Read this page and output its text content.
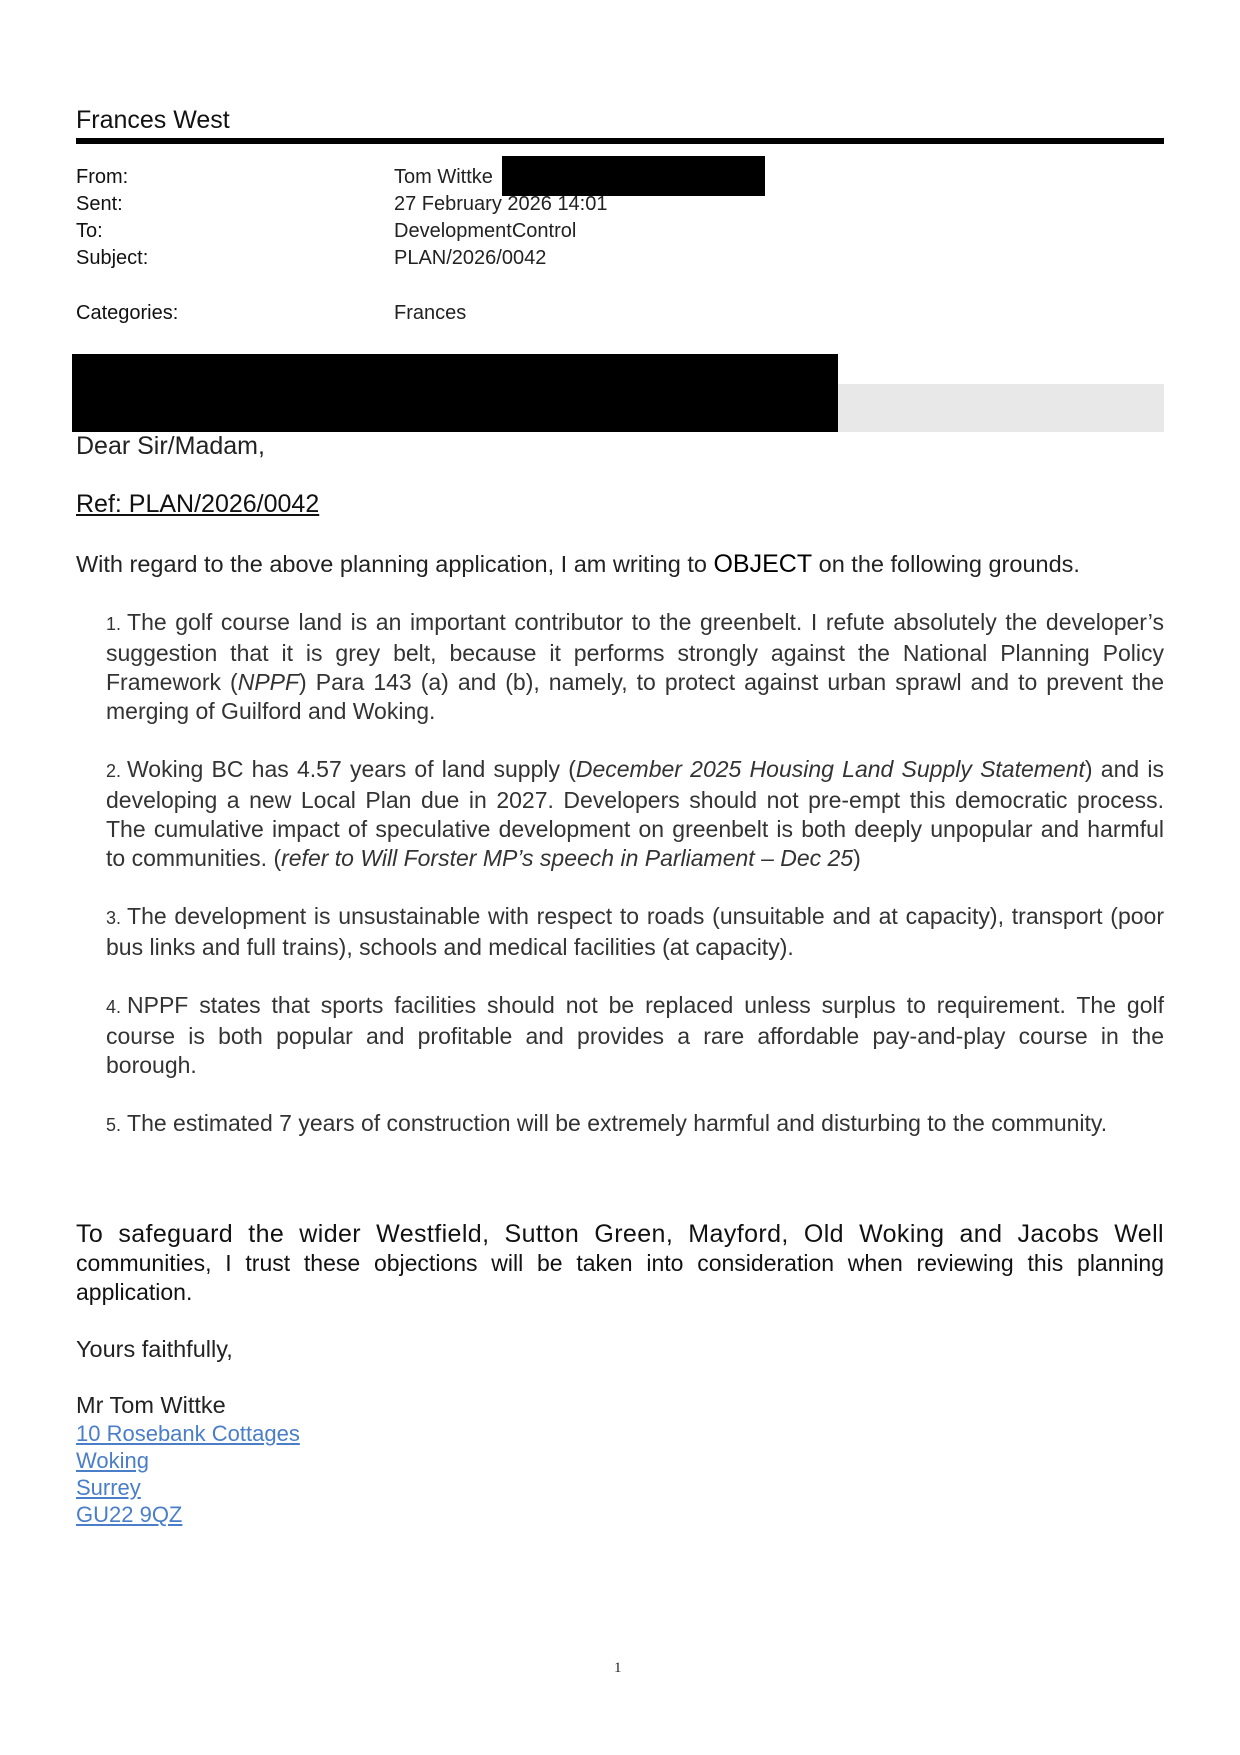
Frances West
From:	Tom Wittke
Sent:	27 February 2026 14:01
To:	DevelopmentControl
Subject:	PLAN/2026/0042
Categories:	Frances
Dear Sir/Madam,
Ref: PLAN/2026/0042
With regard to the above planning application, I am writing to OBJECT on the following grounds.
1. The golf course land is an important contributor to the greenbelt. I refute absolutely the developer’s suggestion that it is grey belt, because it performs strongly against the National Planning Policy Framework (NPPF) Para 143 (a) and (b), namely, to protect against urban sprawl and to prevent the merging of Guilford and Woking.
2. Woking BC has 4.57 years of land supply (December 2025 Housing Land Supply Statement) and is developing a new Local Plan due in 2027. Developers should not pre-empt this democratic process. The cumulative impact of speculative development on greenbelt is both deeply unpopular and harmful to communities. (refer to Will Forster MP’s speech in Parliament – Dec 25)
3. The development is unsustainable with respect to roads (unsuitable and at capacity), transport (poor bus links and full trains), schools and medical facilities (at capacity).
4. NPPF states that sports facilities should not be replaced unless surplus to requirement. The golf course is both popular and profitable and provides a rare affordable pay-and-play course in the borough.
5. The estimated 7 years of construction will be extremely harmful and disturbing to the community.
To safeguard the wider Westfield, Sutton Green, Mayford, Old Woking and Jacobs Well communities, I trust these objections will be taken into consideration when reviewing this planning application.
Yours faithfully,
Mr Tom Wittke
10 Rosebank Cottages
Woking
Surrey
GU22 9QZ
1
